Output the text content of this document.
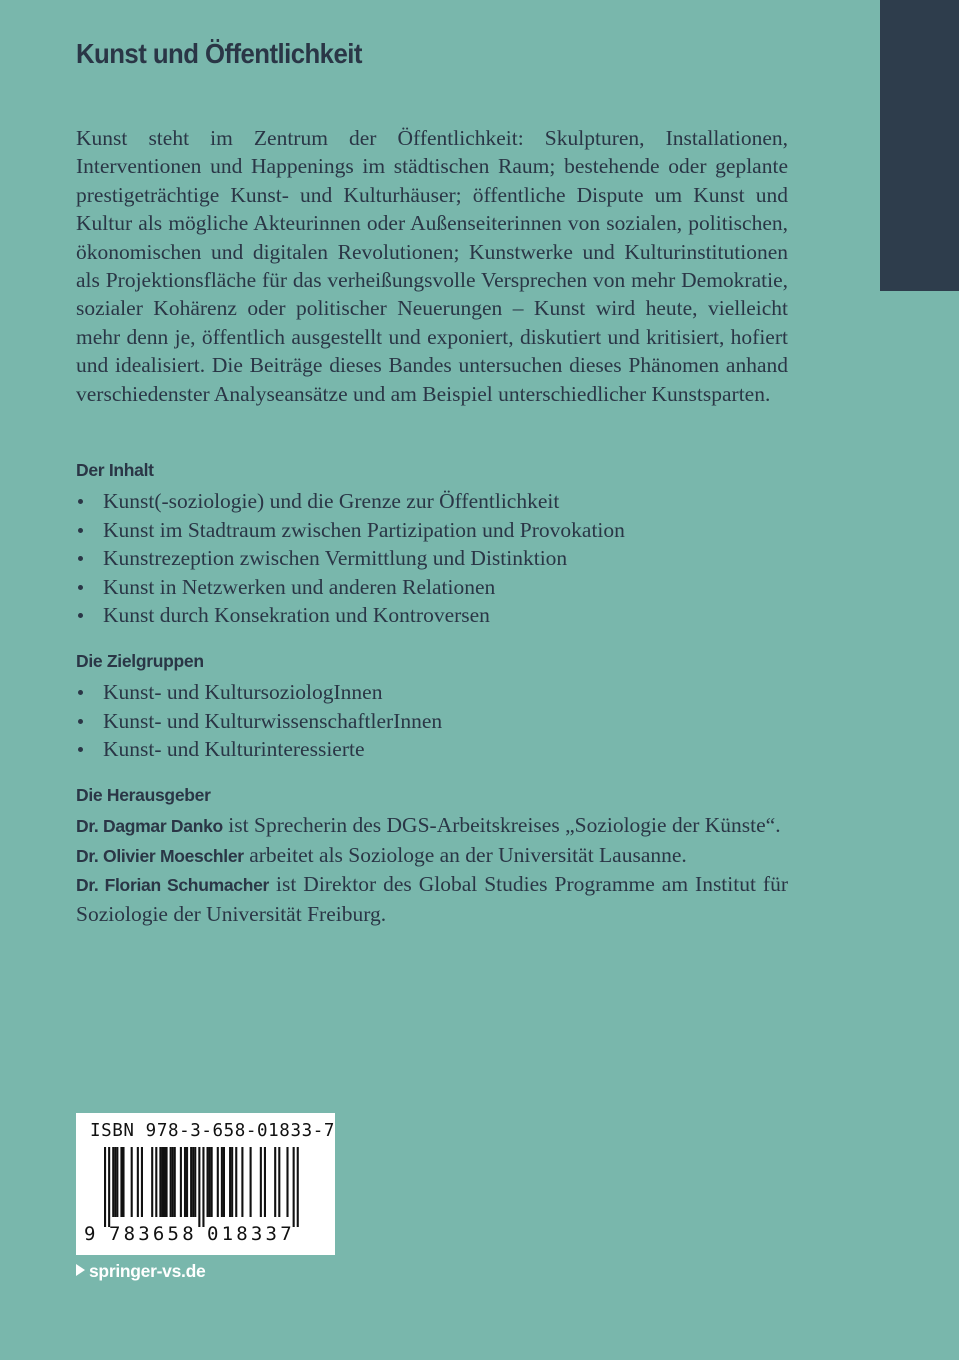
Kunst und Öffentlichkeit

Kunst steht im Zentrum der Öffentlichkeit: Skulpturen, Installationen, Interventionen und Happenings im städtischen Raum; bestehende oder geplante prestigeträchtige Kunst- und Kulturhäuser; öffentliche Dispute um Kunst und Kultur als mögliche Akteurinnen oder Außenseiterinnen von sozialen, politischen, ökonomischen und digitalen Revolutionen; Kunstwerke und Kulturinstitutionen als Projektionsfläche für das verheißungsvolle Versprechen von mehr Demokratie, sozialer Kohärenz oder politischer Neuerungen – Kunst wird heute, vielleicht mehr denn je, öffentlich ausgestellt und exponiert, diskutiert und kritisiert, hofiert und idealisiert. Die Beiträge dieses Bandes untersuchen dieses Phänomen anhand verschiedenster Analyseansätze und am Beispiel unterschiedlicher Kunstsparten.

Der Inhalt
Kunst(-soziologie) und die Grenze zur Öffentlichkeit
Kunst im Stadtraum zwischen Partizipation und Provokation
Kunstrezeption zwischen Vermittlung und Distinktion
Kunst in Netzwerken und anderen Relationen
Kunst durch Konsekration und Kontroversen
Die Zielgruppen
Kunst- und KultursoziologInnen
Kunst- und KulturwissenschaftlerInnen
Kunst- und Kulturinteressierte
Die Herausgeber

Dr. Dagmar Danko ist Sprecherin des DGS-Arbeitskreises „Soziologie der Künste“.

Dr. Olivier Moeschler arbeitet als Soziologe an der Universität Lausanne.

Dr. Florian Schumacher ist Direktor des Global Studies Programme am Institut für Soziologie der Universität Freiburg.

ISBN 978-3-658-01833-7

9 783658 018337
springer-vs.de
